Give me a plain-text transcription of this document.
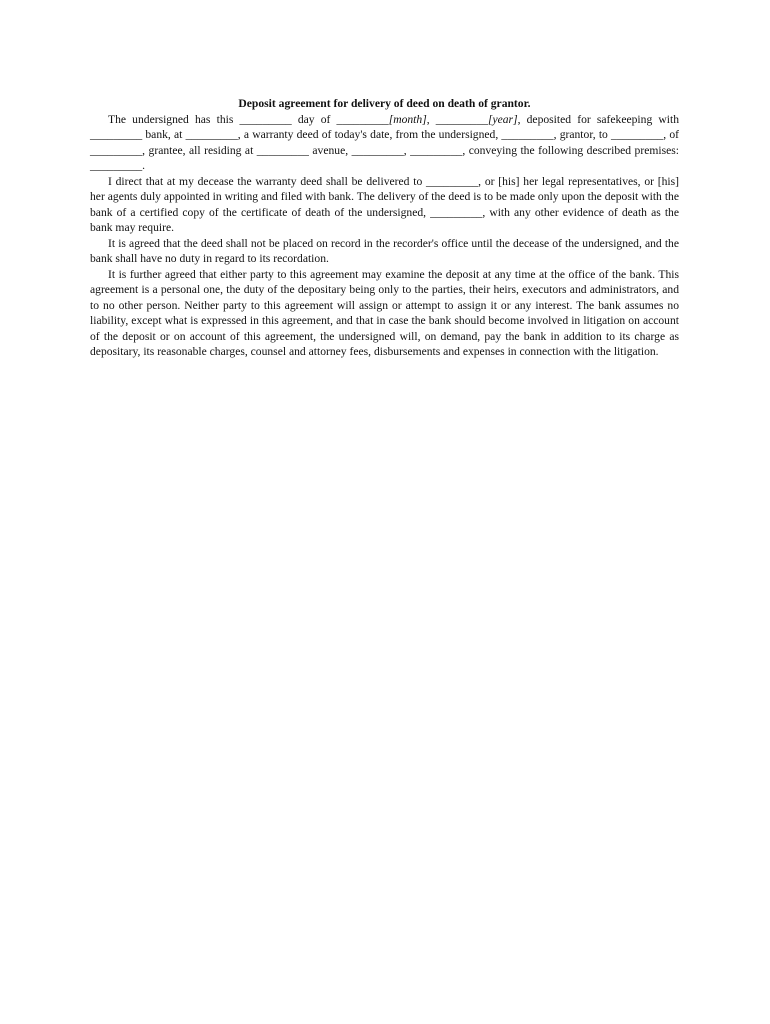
Deposit agreement for delivery of deed on death of grantor.

The undersigned has this _________ day of _________[month], _________[year], deposited for safekeeping with _________ bank, at _________, a warranty deed of today's date, from the undersigned, _________, grantor, to _________, of _________, grantee, all residing at _________ avenue, _________, _________, conveying the following described premises: _________.

I direct that at my decease the warranty deed shall be delivered to _________, or [his] her legal representatives, or [his] her agents duly appointed in writing and filed with bank. The delivery of the deed is to be made only upon the deposit with the bank of a certified copy of the certificate of death of the undersigned, _________, with any other evidence of death as the bank may require.

It is agreed that the deed shall not be placed on record in the recorder's office until the decease of the undersigned, and the bank shall have no duty in regard to its recordation.

It is further agreed that either party to this agreement may examine the deposit at any time at the office of the bank. This agreement is a personal one, the duty of the depositary being only to the parties, their heirs, executors and administrators, and to no other person. Neither party to this agreement will assign or attempt to assign it or any interest. The bank assumes no liability, except what is expressed in this agreement, and that in case the bank should become involved in litigation on account of the deposit or on account of this agreement, the undersigned will, on demand, pay the bank in addition to its charge as depositary, its reasonable charges, counsel and attorney fees, disbursements and expenses in connection with the litigation.
